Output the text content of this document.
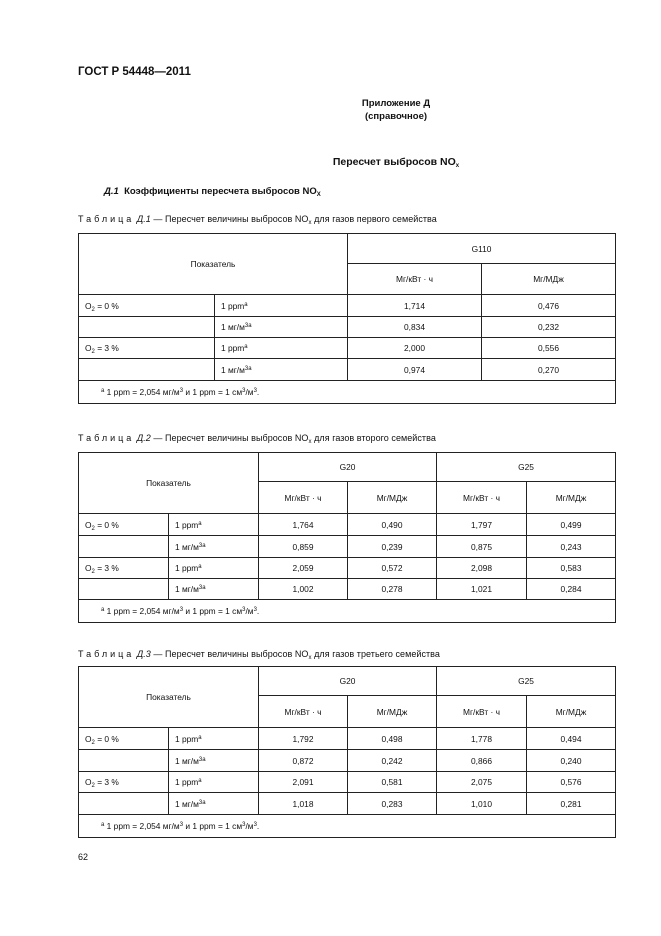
ГОСТ Р 54448—2011
Приложение Д
(справочное)
Пересчет выбросов $NO_x$
Д.1 Коэффициенты пересчета выбросов $NO_X$
Таблица Д.1 — Пересчет величины выбросов $NO_x$ для газов первого семейства
Показатель		G110	
		Мг/кВт · ч	Мг/МДж
$O_2 = 0$ %	1 ppm$^а$	1,714	0,476
	1 $мг/м^{3а}$	0,834	0,232
$O_2 = 3$ %	1 ppm$^а$	2,000	0,556
	1 $мг/м^{3а}$	0,974	0,270
$^а$ 1 ppm = 2,054 $мг/м^3$ и 1 ppm = 1 $см^3/м^3$.			
Таблица Д.2 — Пересчет величины выбросов $NO_x$ для газов второго семейства
Показатель		G20		G25	
		Мг/кВт · ч	Мг/МДж	Мг/кВт · ч	Мг/МДж
$O_2 = 0$ %	1 ppm$^а$	1,764	0,490	1,797	0,499
	1 $мг/м^{3а}$	0,859	0,239	0,875	0,243
$O_2 = 3$ %	1 ppm$^а$	2,059	0,572	2,098	0,583
	1 $мг/м^{3а}$	1,002	0,278	1,021	0,284
$^а$ 1 ppm = 2,054 $мг/м^3$ и 1 ppm = 1 $см^3/м^3$.					
Таблица Д.3 — Пересчет величины выбросов $NO_x$ для газов третьего семейства
Показатель		G20		G25	
		Мг/кВт · ч	Мг/МДж	Мг/кВт · ч	Мг/МДж
$O_2 = 0$ %	1 ppm$^а$	1,792	0,498	1,778	0,494
	1 $мг/м^{3а}$	0,872	0,242	0,866	0,240
$O_2 = 3$ %	1 ppm$^а$	2,091	0,581	2,075	0,576
	1 $мг/м^{3а}$	1,018	0,283	1,010	0,281
$^а$ 1 ppm = 2,054 $мг/м^3$ и 1 ppm = 1 $см^3/м^3$.					
62
